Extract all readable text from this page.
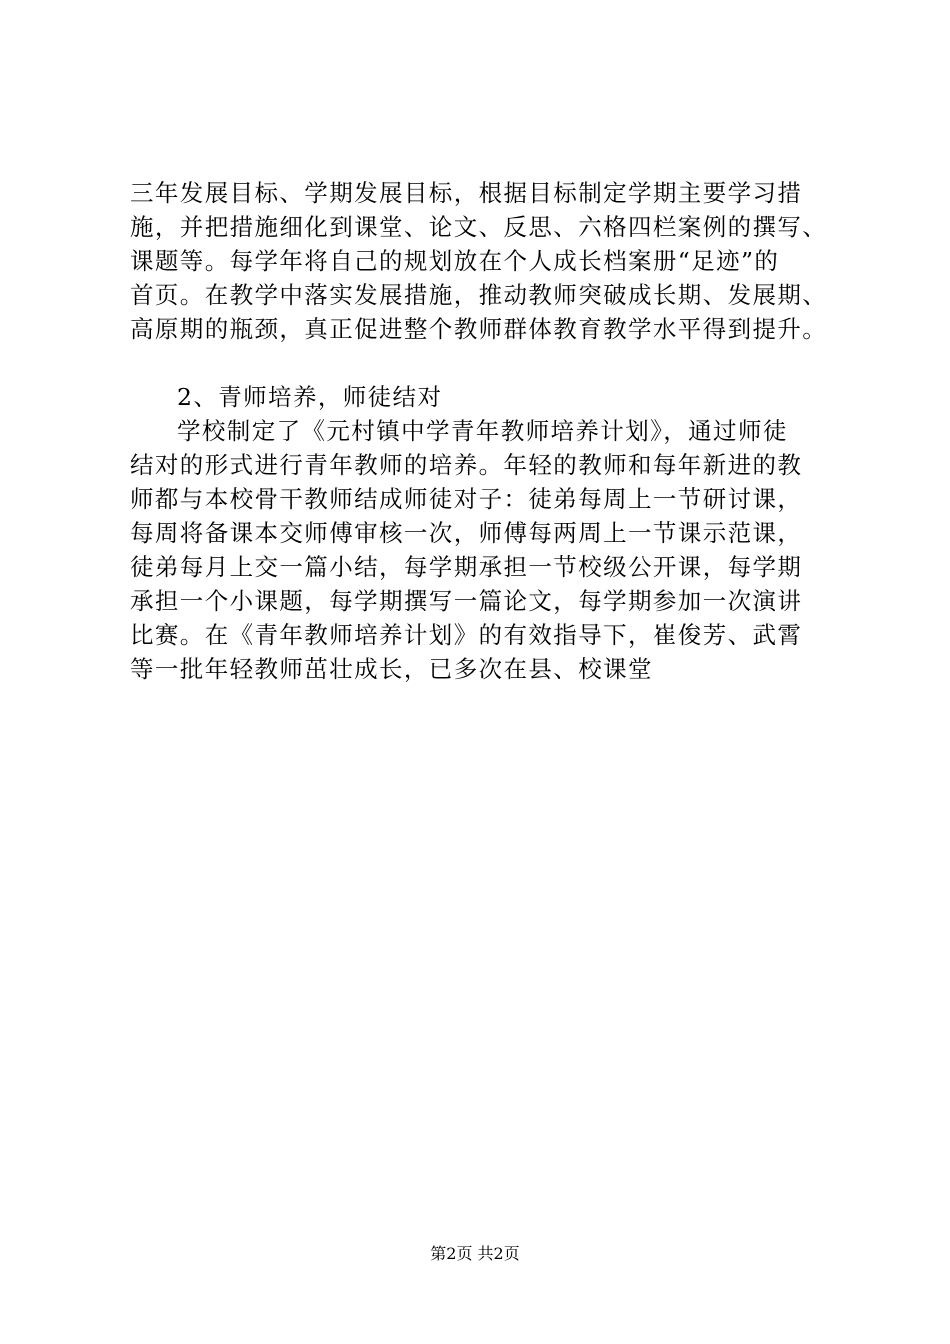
三年发展目标、学期发展目标，根据目标制定学期主要学习措
施，并把措施细化到课堂、论文、反思、六格四栏案例的撰写、
课题等。每学年将自己的规划放在个人成长档案册“足迹”的
首页。在教学中落实发展措施，推动教师突破成长期、发展期、
高原期的瓶颈，真正促进整个教师群体教育教学水平得到提升。
2、青师培养，师徒结对
学校制定了《元村镇中学青年教师培养计划》，通过师徒
结对的形式进行青年教师的培养。年轻的教师和每年新进的教
师都与本校骨干教师结成师徒对子：徒弟每周上一节研讨课，
每周将备课本交师傅审核一次，师傅每两周上一节课示范课，
徒弟每月上交一篇小结，每学期承担一节校级公开课，每学期
承担一个小课题，每学期撰写一篇论文，每学期参加一次演讲
比赛。在《青年教师培养计划》的有效指导下，崔俊芳、武霄
等一批年轻教师茁壮成长，已多次在县、校课堂
第2页 共2页
